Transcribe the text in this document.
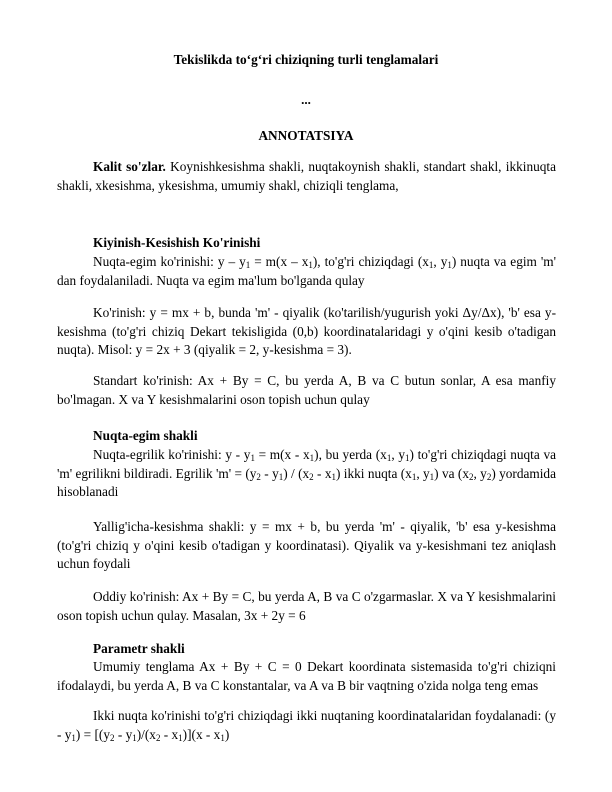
Tekislikda to‘g‘ri chiziqning turli tenglamalari
...
ANNOTATSIYA

Kalit so'zlar. Koynishkesishma shakli, nuqtakoynish shakli, standart shakl, ikkinuqta shakli, xkesishma, ykesishma, umumiy shakl, chiziqli tenglama,

Kiyinish-Kesishish Ko'rinishi

Nuqta-egim ko'rinishi: $y - y_1 = m(x - x_1)$, to'g'ri chiziqdagi ($x_1$, $y_1$) nuqta va egim 'm' dan foydalaniladi. Nuqta va egim ma'lum bo'lganda qulay

Ko'rinish: y = mx + b, bunda 'm' - qiyalik (ko'tarilish/yugurish yoki Δy/Δx), 'b' esa y-kesishma (to'g'ri chiziq Dekart tekisligida (0,b) koordinatalaridagi y o'qini kesib o'tadigan nuqta). Misol: y = 2x + 3 (qiyalik = 2, y-kesishma = 3).

Standart ko'rinish: Ax + By = C, bu yerda A, B va C butun sonlar, A esa manfiy bo'lmagan. X va Y kesishmalarini oson topish uchun qulay

Nuqta-egim shakli

Nuqta-egrilik ko'rinishi: $y - y_1 = m(x - x_1)$, bu yerda ($x_1$, $y_1$) to'g'ri chiziqdagi nuqta va 'm' egrilikni bildiradi. Egrilik '$m' = (y_2 - y_1) / (x_2 - x_1)$ ikki nuqta ($x_1$, $y_1$) va ($x_2$, $y_2$) yordamida hisoblanadi

Yallig'icha-kesishma shakli: y = mx + b, bu yerda 'm' - qiyalik, 'b' esa y-kesishma (to'g'ri chiziq y o'qini kesib o'tadigan y koordinatasi). Qiyalik va y-kesishmani tez aniqlash uchun foydali

Oddiy ko'rinish: Ax + By = C, bu yerda A, B va C o'zgarmaslar. X va Y kesishmalarini oson topish uchun qulay. Masalan, 3x + 2y = 6

Parametr shakli

Umumiy tenglama Ax + By + C = 0 Dekart koordinata sistemasida to'g'ri chiziqni ifodalaydi, bu yerda A, B va C konstantalar, va A va B bir vaqtning o'zida nolga teng emas

Ikki nuqta ko'rinishi to'g'ri chiziqdagi ikki nuqtaning koordinatalaridan foydalanadi: $(y - y_1) = [(y_2 - y_1)/(x_2 - x_1)](x - x_1)$
